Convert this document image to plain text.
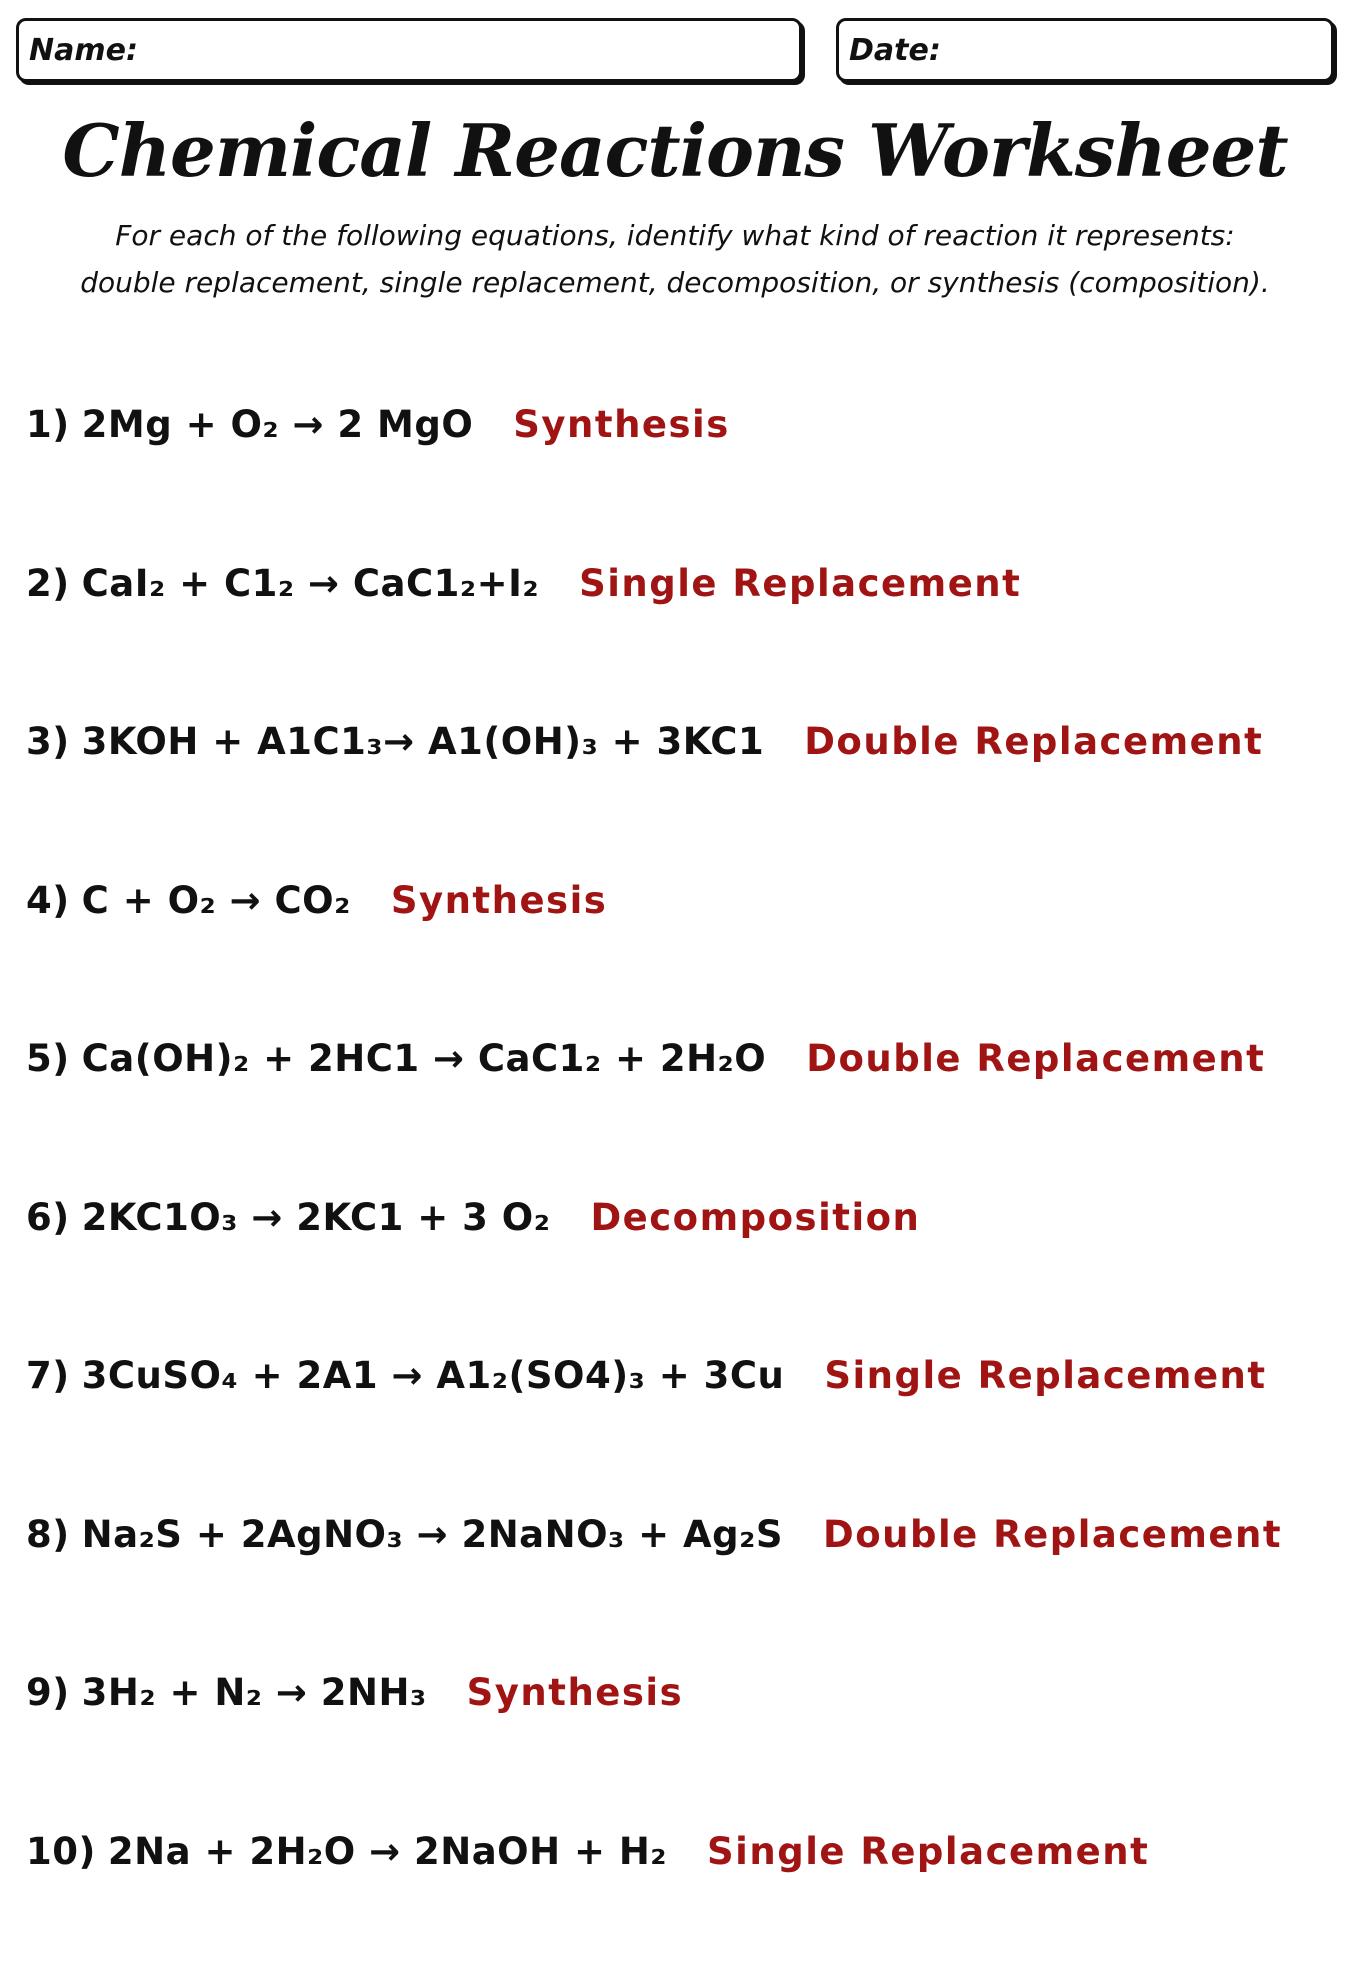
Name:	Date:
Chemical Reactions Worksheet
For each of the following equations, identify what kind of reaction it represents:
double replacement, single replacement, decomposition, or synthesis (composition).
1) 2Mg + O₂ → 2 MgO Synthesis
2) CaI₂ + C1₂ → CaC1₂+I₂ Single Replacement
3) 3KOH + A1C1₃→ A1(OH)₃ + 3KC1 Double Replacement
4) C + O₂ → CO₂ Synthesis
5) Ca(OH)₂ + 2HC1 → CaC1₂ + 2H₂O Double Replacement
6) 2KC1O₃ → 2KC1 + 3 O₂ Decomposition
7) 3CuSO₄ + 2A1 → A1₂(SO4)₃ + 3Cu Single Replacement
8) Na₂S + 2AgNO₃ → 2NaNO₃ + Ag₂S Double Replacement
9) 3H₂ + N₂ → 2NH₃ Synthesis
10) 2Na + 2H₂O → 2NaOH + H₂ Single Replacement
